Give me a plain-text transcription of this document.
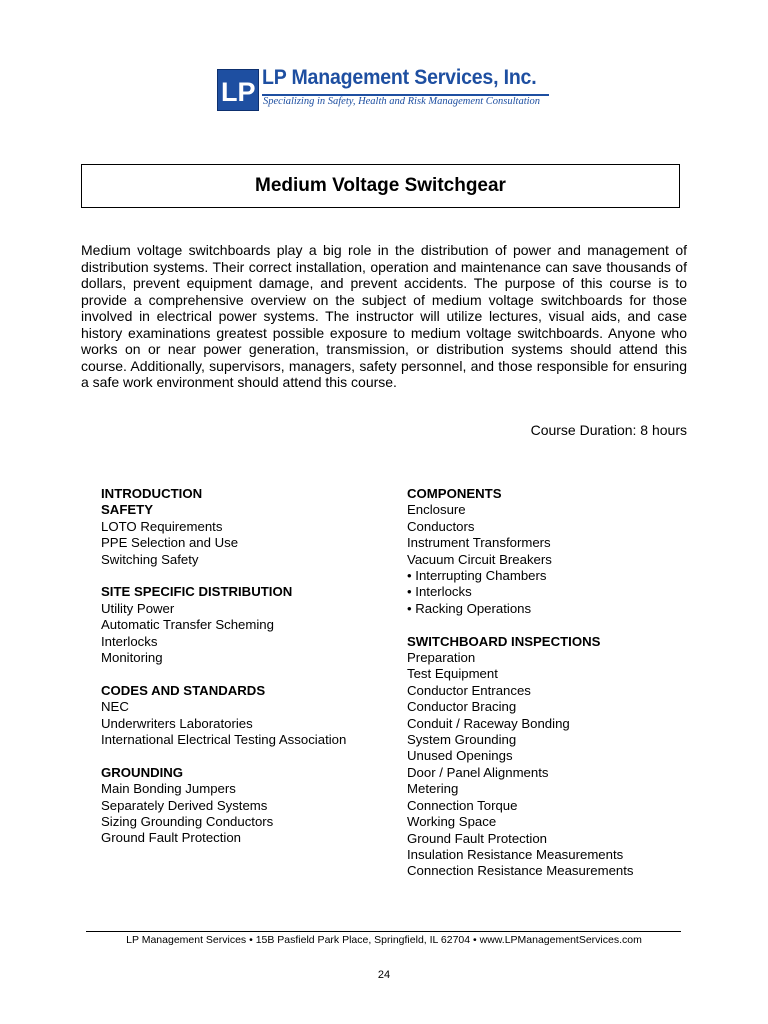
LP LP Management Services, Inc.
Specializing in Safety, Health and Risk Management Consultation
Medium Voltage Switchgear

Medium voltage switchboards play a big role in the distribution of power and management of distribution systems. Their correct installation, operation and maintenance can save thousands of dollars, prevent equipment damage, and prevent accidents. The purpose of this course is to provide a comprehensive overview on the subject of medium voltage switchboards for those involved in electrical power systems. The instructor will utilize lectures, visual aids, and case history examinations greatest possible exposure to medium voltage switchboards. Anyone who works on or near power generation, transmission, or distribution systems should attend this course. Additionally, supervisors, managers, safety personnel, and those responsible for ensuring a safe work environment should attend this course.

Course Duration: 8 hours
INTRODUCTION
SAFETY
LOTO Requirements
PPE Selection and Use
Switching Safety
SITE SPECIFIC DISTRIBUTION
Utility Power
Automatic Transfer Scheming
Interlocks
Monitoring
CODES AND STANDARDS
NEC
Underwriters Laboratories
International Electrical Testing Association
GROUNDING
Main Bonding Jumpers
Separately Derived Systems
Sizing Grounding Conductors
Ground Fault Protection
COMPONENTS
Enclosure
Conductors
Instrument Transformers
Vacuum Circuit Breakers
• Interrupting Chambers
• Interlocks
• Racking Operations
SWITCHBOARD INSPECTIONS
Preparation
Test Equipment
Conductor Entrances
Conductor Bracing
Conduit / Raceway Bonding
System Grounding
Unused Openings
Door / Panel Alignments
Metering
Connection Torque
Working Space
Ground Fault Protection
Insulation Resistance Measurements
Connection Resistance Measurements
LP Management Services • 15B Pasfield Park Place, Springfield, IL 62704 • www.LPManagementServices.com
24
